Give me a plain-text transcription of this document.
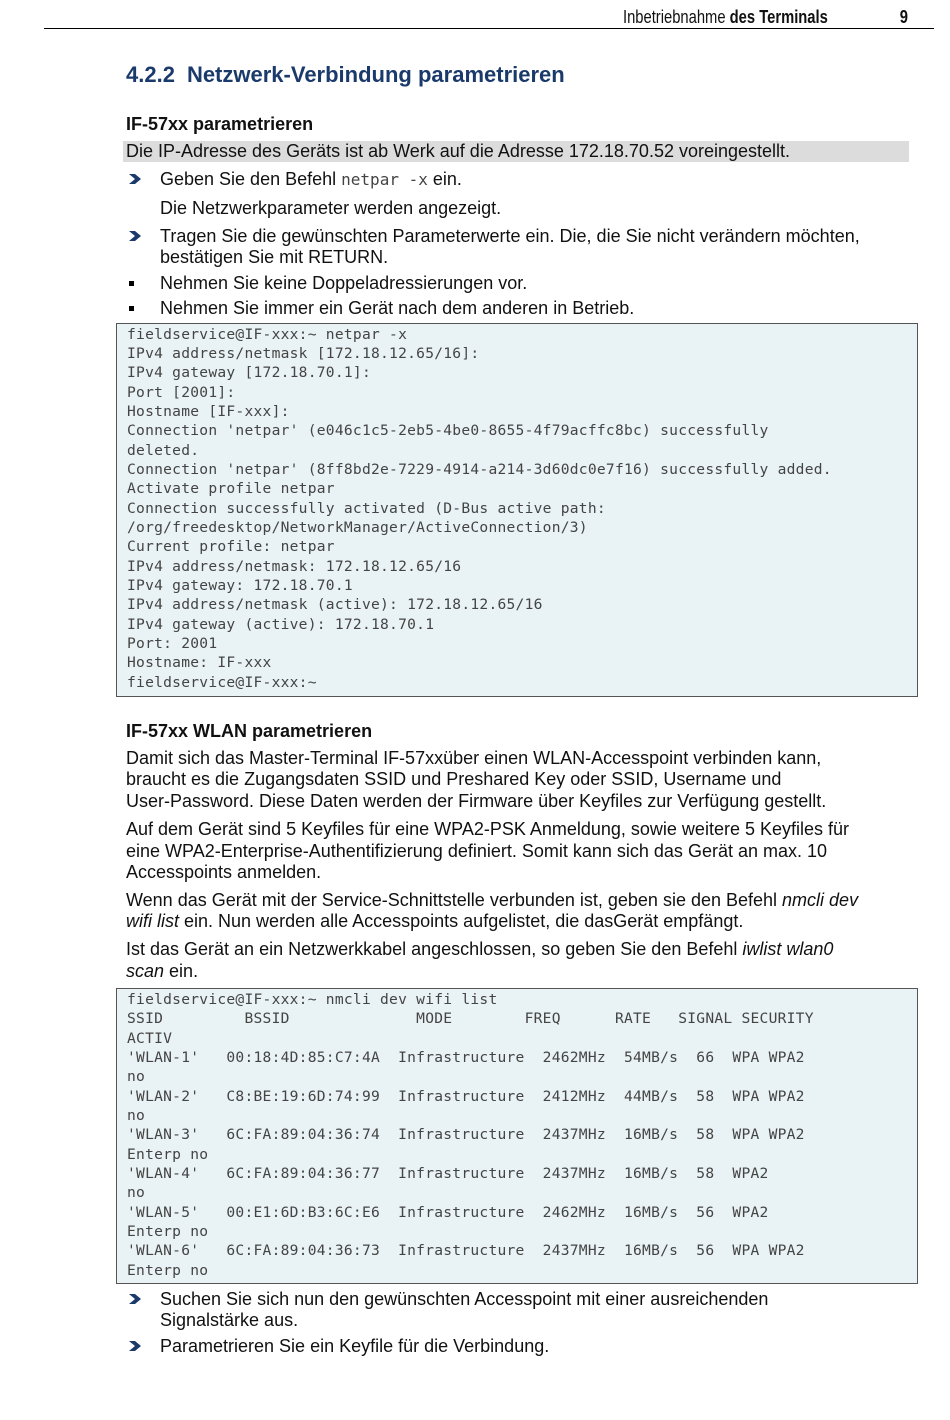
Inbetriebnahme des Terminals	9
4.2.2 Netzwerk-Verbindung parametrieren
IF-57xx parametrieren
Die IP-Adresse des Geräts ist ab Werk auf die Adresse 172.18.70.52 voreingestellt.
Geben Sie den Befehl netpar -x ein.
Die Netzwerkparameter werden angezeigt.
Tragen Sie die gewünschten Parameterwerte ein. Die, die Sie nicht verändern möchten,
bestätigen Sie mit RETURN.
Nehmen Sie keine Doppeladressierungen vor.
Nehmen Sie immer ein Gerät nach dem anderen in Betrieb.
fieldservice@IF-xxx:~ netpar -x
IPv4 address/netmask [172.18.12.65/16]:
IPv4 gateway [172.18.70.1]:
Port [2001]:
Hostname [IF-xxx]:
Connection 'netpar' (e046c1c5-2eb5-4be0-8655-4f79acffc8bc) successfully
deleted.
Connection 'netpar' (8ff8bd2e-7229-4914-a214-3d60dc0e7f16) successfully added.
Activate profile netpar
Connection successfully activated (D-Bus active path:
/org/freedesktop/NetworkManager/ActiveConnection/3)
Current profile: netpar
IPv4 address/netmask: 172.18.12.65/16
IPv4 gateway: 172.18.70.1
IPv4 address/netmask (active): 172.18.12.65/16
IPv4 gateway (active): 172.18.70.1
Port: 2001
Hostname: IF-xxx
fieldservice@IF-xxx:~
IF-57xx WLAN parametrieren
Damit sich das Master-Terminal IF-57xxüber einen WLAN-Accesspoint verbinden kann,
braucht es die Zugangsdaten SSID und Preshared Key oder SSID, Username und
User-Password. Diese Daten werden der Firmware über Keyfiles zur Verfügung gestellt.
Auf dem Gerät sind 5 Keyfiles für eine WPA2-PSK Anmeldung, sowie weitere 5 Keyfiles für
eine WPA2-Enterprise-Authentifizierung definiert. Somit kann sich das Gerät an max. 10
Accesspoints anmelden.
Wenn das Gerät mit der Service-Schnittstelle verbunden ist, geben sie den Befehl nmcli dev
wifi list ein. Nun werden alle Accesspoints aufgelistet, die dasGerät empfängt.
Ist das Gerät an ein Netzwerkkabel angeschlossen, so geben Sie den Befehl iwlist wlan0
scan ein.
fieldservice@IF-xxx:~ nmcli dev wifi list
SSID         BSSID              MODE        FREQ      RATE   SIGNAL SECURITY
ACTIV
'WLAN-1'   00:18:4D:85:C7:4A  Infrastructure  2462MHz  54MB/s  66  WPA WPA2
no
'WLAN-2'   C8:BE:19:6D:74:99  Infrastructure  2412MHz  44MB/s  58  WPA WPA2
no
'WLAN-3'   6C:FA:89:04:36:74  Infrastructure  2437MHz  16MB/s  58  WPA WPA2
Enterp no
'WLAN-4'   6C:FA:89:04:36:77  Infrastructure  2437MHz  16MB/s  58  WPA2
no
'WLAN-5'   00:E1:6D:B3:6C:E6  Infrastructure  2462MHz  16MB/s  56  WPA2
Enterp no
'WLAN-6'   6C:FA:89:04:36:73  Infrastructure  2437MHz  16MB/s  56  WPA WPA2
Enterp no
Suchen Sie sich nun den gewünschten Accesspoint mit einer ausreichenden
Signalstärke aus.
Parametrieren Sie ein Keyfile für die Verbindung.
